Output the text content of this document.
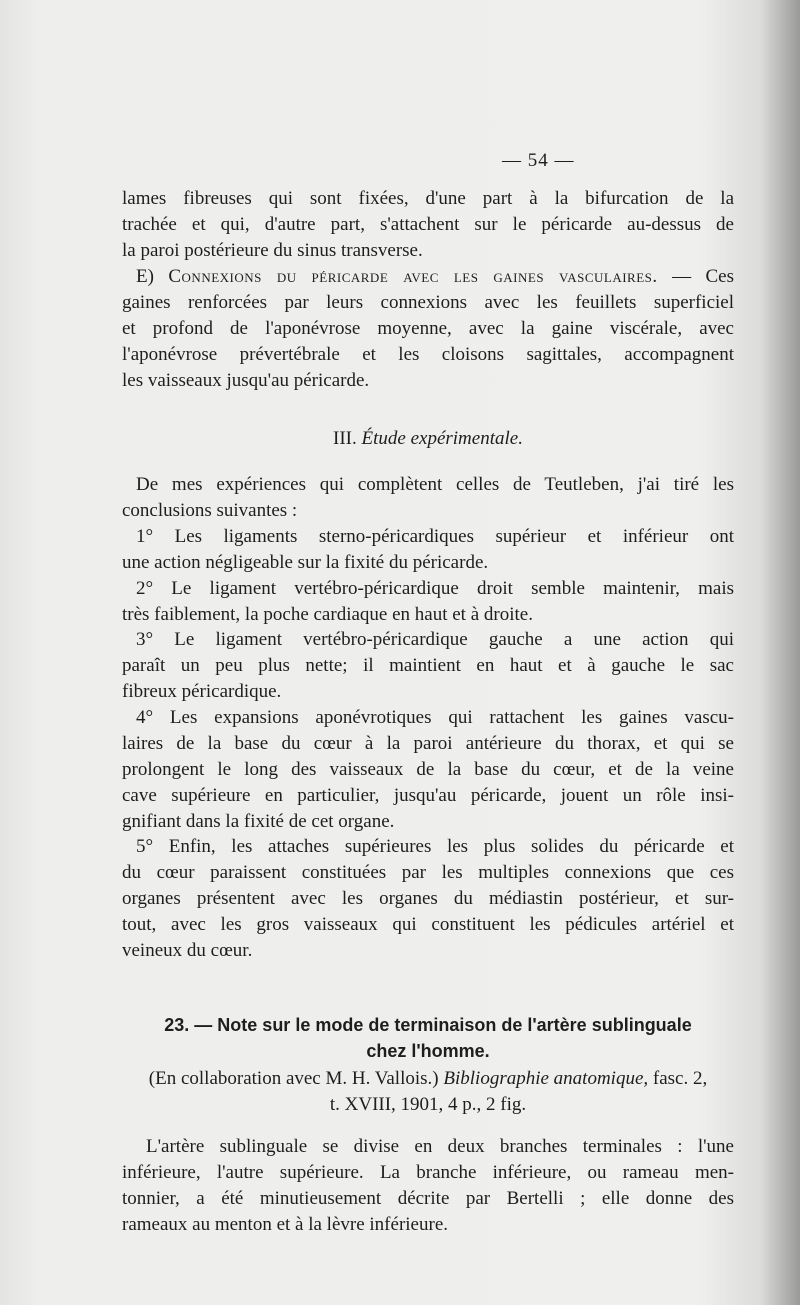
— 54 —
lames fibreuses qui sont fixées, d'une part à la bifurcation de la
trachée et qui, d'autre part, s'attachent sur le péricarde au-dessus de
la paroi postérieure du sinus transverse.
E) Connexions du péricarde avec les gaines vasculaires. — Ces
gaines renforcées par leurs connexions avec les feuillets superficiel
et profond de l'aponévrose moyenne, avec la gaine viscérale, avec
l'aponévrose prévertébrale et les cloisons sagittales, accompagnent
les vaisseaux jusqu'au péricarde.
III. Étude expérimentale.
De mes expériences qui complètent celles de Teutleben, j'ai tiré les
conclusions suivantes :
1° Les ligaments sterno-péricardiques supérieur et inférieur ont
une action négligeable sur la fixité du péricarde.
2° Le ligament vertébro-péricardique droit semble maintenir, mais
très faiblement, la poche cardiaque en haut et à droite.
3° Le ligament vertébro-péricardique gauche a une action qui
paraît un peu plus nette; il maintient en haut et à gauche le sac
fibreux péricardique.
4° Les expansions aponévrotiques qui rattachent les gaines vascu-
laires de la base du cœur à la paroi antérieure du thorax, et qui se
prolongent le long des vaisseaux de la base du cœur, et de la veine
cave supérieure en particulier, jusqu'au péricarde, jouent un rôle insi-
gnifiant dans la fixité de cet organe.
5° Enfin, les attaches supérieures les plus solides du péricarde et
du cœur paraissent constituées par les multiples connexions que ces
organes présentent avec les organes du médiastin postérieur, et sur-
tout, avec les gros vaisseaux qui constituent les pédicules artériel et
veineux du cœur.
23. — Note sur le mode de terminaison de l'artère sublinguale
chez l'homme.
(En collaboration avec M. H. Vallois.) Bibliographie anatomique, fasc. 2,
t. XVIII, 1901, 4 p., 2 fig.
L'artère sublinguale se divise en deux branches terminales : l'une
inférieure, l'autre supérieure. La branche inférieure, ou rameau men-
tonnier, a été minutieusement décrite par Bertelli ; elle donne des
rameaux au menton et à la lèvre inférieure.
